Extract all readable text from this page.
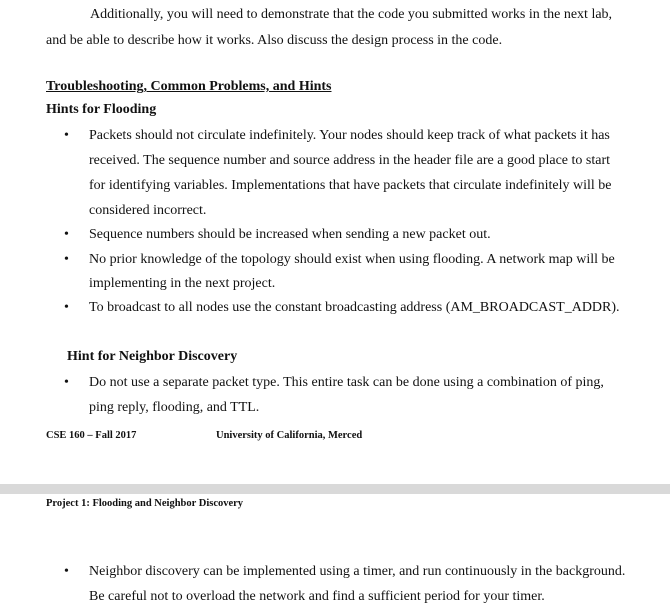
Additionally, you will need to demonstrate that the code you submitted works in the next lab,
and be able to describe how it works. Also discuss the design process in the code.
Troubleshooting, Common Problems, and Hints
Hints for Flooding
• Packets should not circulate indefinitely. Your nodes should keep track of what packets it has
received. The sequence number and source address in the header file are a good place to start
for identifying variables. Implementations that have packets that circulate indefinitely will be
considered incorrect.
• Sequence numbers should be increased when sending a new packet out.
• No prior knowledge of the topology should exist when using flooding. A network map will be
implementing in the next project.
• To broadcast to all nodes use the constant broadcasting address (AM_BROADCAST_ADDR).
Hint for Neighbor Discovery
• Do not use a separate packet type. This entire task can be done using a combination of ping,
ping reply, flooding, and TTL.
CSE 160 – Fall 2017	University of California, Merced
Project 1: Flooding and Neighbor Discovery
• Neighbor discovery can be implemented using a timer, and run continuously in the background.
Be careful not to overload the network and find a sufficient period for your timer.
